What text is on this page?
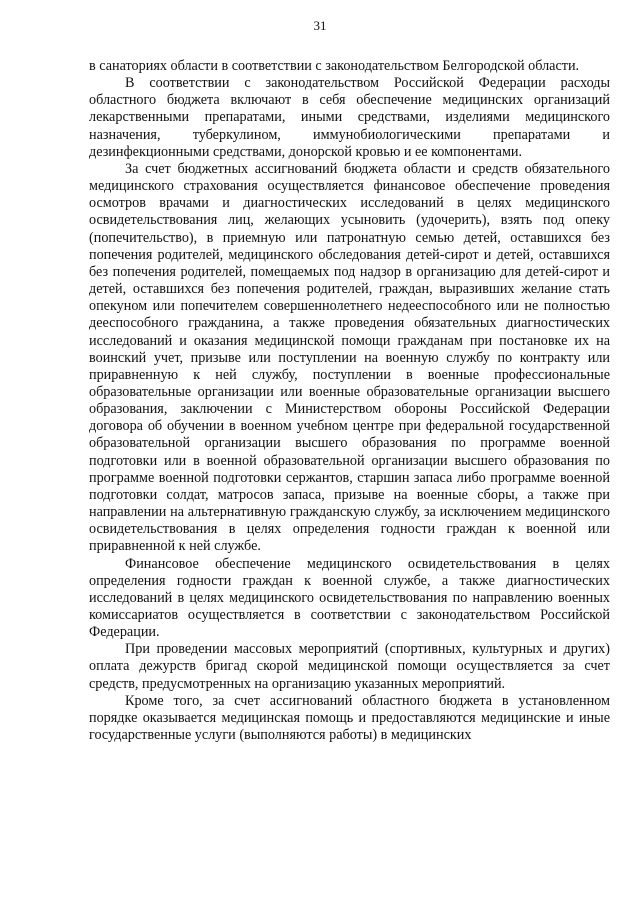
31

в санаториях области в соответствии с законодательством Белгородской области.

В соответствии с законодательством Российской Федерации расходы областного бюджета включают в себя обеспечение медицинских организаций лекарственными препаратами, иными средствами, изделиями медицинского назначения, туберкулином, иммунобиологическими препаратами и дезинфекционными средствами, донорской кровью и ее компонентами.

За счет бюджетных ассигнований бюджета области и средств обязательного медицинского страхования осуществляется финансовое обеспечение проведения осмотров врачами и диагностических исследований в целях медицинского освидетельствования лиц, желающих усыновить (удочерить), взять под опеку (попечительство), в приемную или патронатную семью детей, оставшихся без попечения родителей, медицинского обследования детей-сирот и детей, оставшихся без попечения родителей, помещаемых под надзор в организацию для детей-сирот и детей, оставшихся без попечения родителей, граждан, выразивших желание стать опекуном или попечителем совершеннолетнего недееспособного или не полностью дееспособного гражданина, а также проведения обязательных диагностических исследований и оказания медицинской помощи гражданам при постановке их на воинский учет, призыве или поступлении на военную службу по контракту или приравненную к ней службу, поступлении в военные профессиональные образовательные организации или военные образовательные организации высшего образования, заключении с Министерством обороны Российской Федерации договора об обучении в военном учебном центре при федеральной государственной образовательной организации высшего образования по программе военной подготовки или в военной образовательной организации высшего образования по программе военной подготовки сержантов, старшин запаса либо программе военной подготовки солдат, матросов запаса, призыве на военные сборы, а также при направлении на альтернативную гражданскую службу, за исключением медицинского освидетельствования в целях определения годности граждан к военной или приравненной к ней службе.

Финансовое обеспечение медицинского освидетельствования в целях определения годности граждан к военной службе, а также диагностических исследований в целях медицинского освидетельствования по направлению военных комиссариатов осуществляется в соответствии с законодательством Российской Федерации.

При проведении массовых мероприятий (спортивных, культурных и других) оплата дежурств бригад скорой медицинской помощи осуществляется за счет средств, предусмотренных на организацию указанных мероприятий.

Кроме того, за счет ассигнований областного бюджета в установленном порядке оказывается медицинская помощь и предоставляются медицинские и иные государственные услуги (выполняются работы) в медицинских
